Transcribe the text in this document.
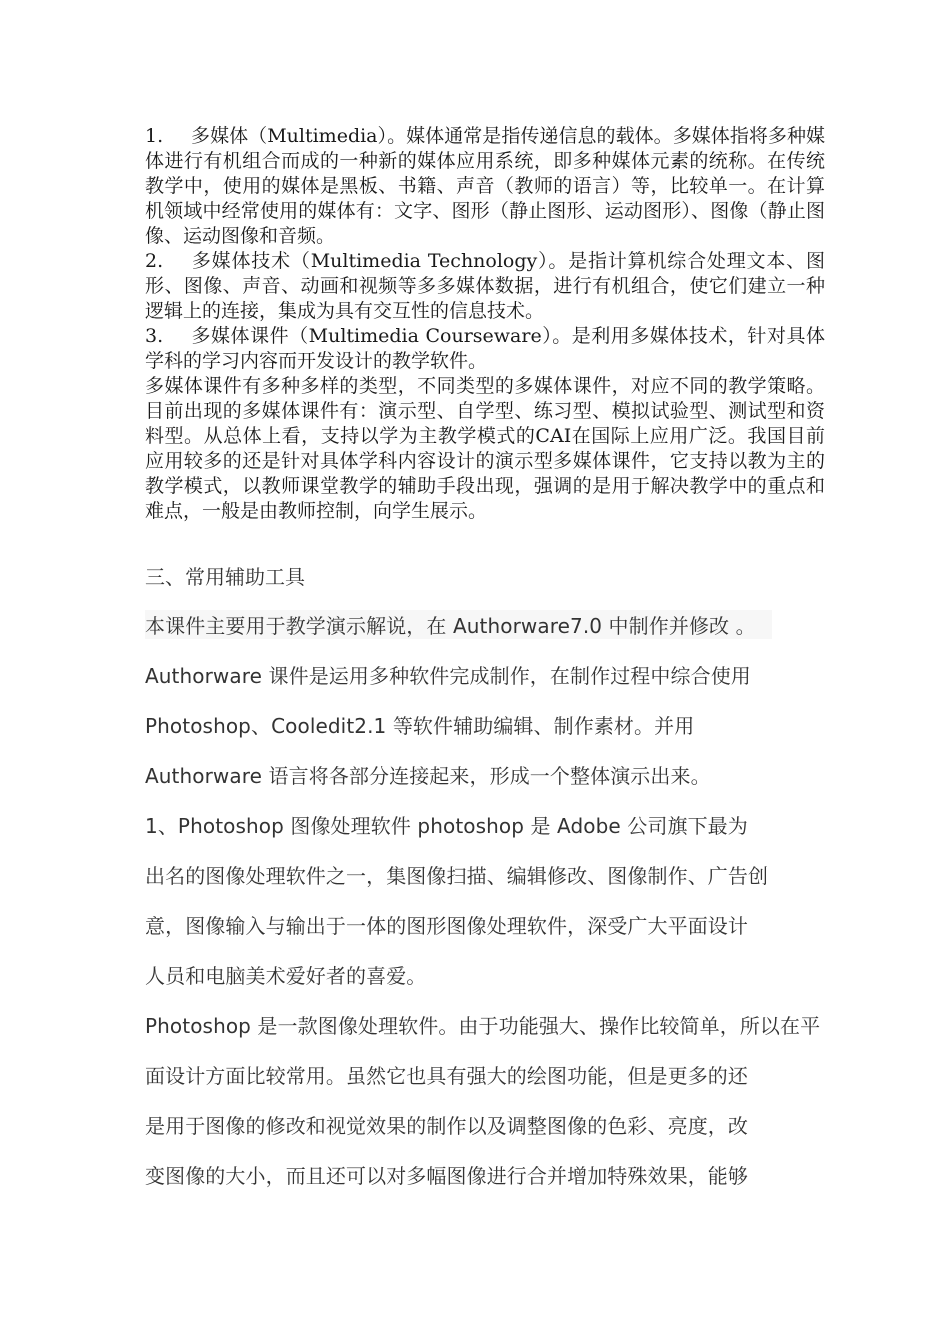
1. 多媒体（Multimedia）。媒体通常是指传递信息的载体。多媒体指将多种媒体进行有机组合而成的一种新的媒体应用系统，即多种媒体元素的统称。在传统教学中，使用的媒体是黑板、书籍、声音（教师的语言）等，比较单一。在计算机领域中经常使用的媒体有：文字、图形（静止图形、运动图形）、图像（静止图像、运动图像和音频。

2. 多媒体技术（Multimedia Technology）。是指计算机综合处理文本、图形、图像、声音、动画和视频等多多媒体数据，进行有机组合，使它们建立一种逻辑上的连接，集成为具有交互性的信息技术。

3. 多媒体课件（Multimedia Courseware）。是利用多媒体技术，针对具体学科的学习内容而开发设计的教学软件。

多媒体课件有多种多样的类型，不同类型的多媒体课件，对应不同的教学策略。目前出现的多媒体课件有：演示型、自学型、练习型、模拟试验型、测试型和资料型。从总体上看，支持以学为主教学模式的CAI在国际上应用广泛。我国目前应用较多的还是针对具体学科内容设计的演示型多媒体课件，它支持以教为主的教学模式，以教师课堂教学的辅助手段出现，强调的是用于解决教学中的重点和难点，一般是由教师控制，向学生展示。

三、常用辅助工具
本课件主要用于教学演示解说，在 Authorware7.0 中制作并修改 。
Authorware 课件是运用多种软件完成制作，在制作过程中综合使用
Photoshop、Cooledit2.1 等软件辅助编辑、制作素材。并用
Authorware 语言将各部分连接起来，形成一个整体演示出来。
1、Photoshop 图像处理软件 photoshop 是 Adobe 公司旗下最为
出名的图像处理软件之一，集图像扫描、编辑修改、图像制作、广告创
意，图像输入与输出于一体的图形图像处理软件，深受广大平面设计
人员和电脑美术爱好者的喜爱。
Photoshop 是一款图像处理软件。由于功能强大、操作比较简单，所以在平
面设计方面比较常用。虽然它也具有强大的绘图功能，但是更多的还
是用于图像的修改和视觉效果的制作以及调整图像的色彩、亮度，改
变图像的大小，而且还可以对多幅图像进行合并增加特殊效果，能够
